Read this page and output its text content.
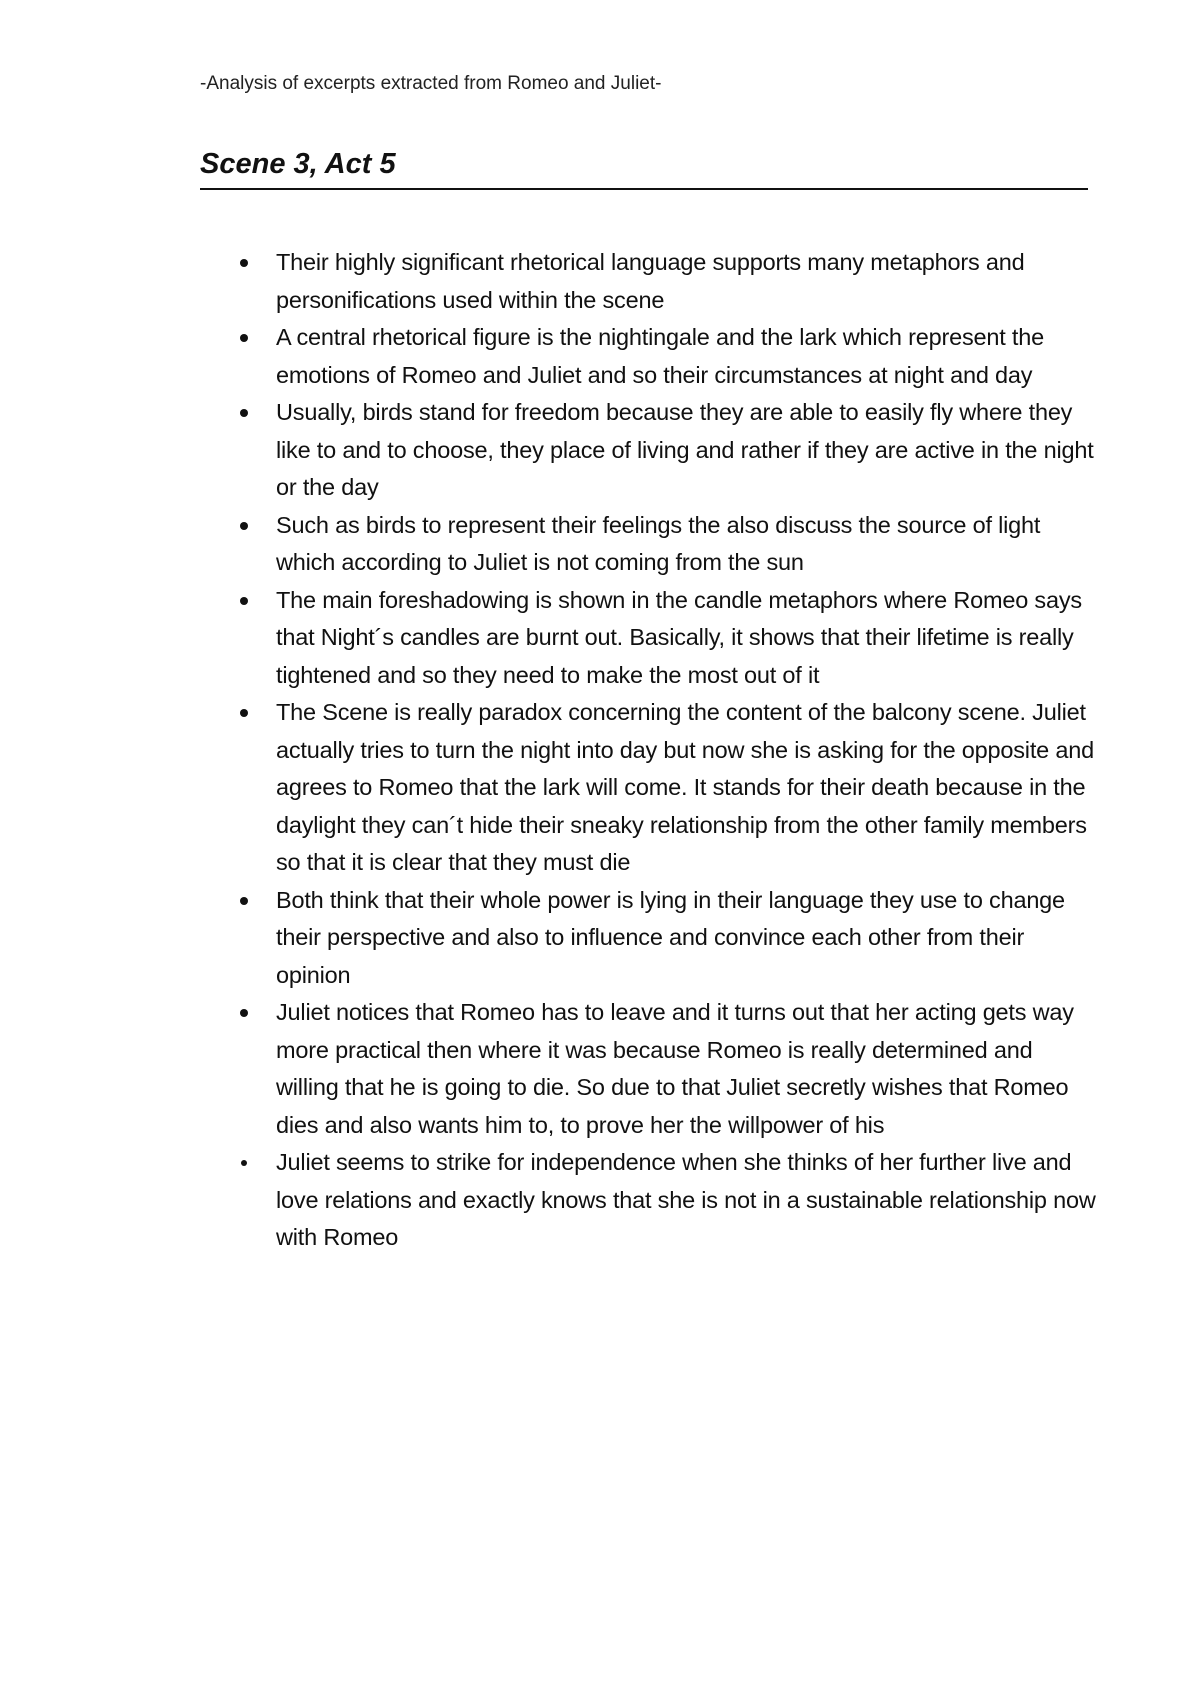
-Analysis of excerpts extracted from Romeo and Juliet-
Scene 3, Act 5
Their highly significant rhetorical language supports many metaphors and personifications used within the scene
A central rhetorical figure is the nightingale and the lark which represent the emotions of Romeo and Juliet and so their circumstances at night and day
Usually, birds stand for freedom because they are able to easily fly where they like to and to choose, they place of living and rather if they are active in the night or the day
Such as birds to represent their feelings the also discuss the source of light which according to Juliet is not coming from the sun
The main foreshadowing is shown in the candle metaphors where Romeo says that Night´s candles are burnt out. Basically, it shows that their lifetime is really tightened and so they need to make the most out of it
The Scene is really paradox concerning the content of the balcony scene. Juliet actually tries to turn the night into day but now she is asking for the opposite and agrees to Romeo that the lark will come. It stands for their death because in the daylight they can´t hide their sneaky relationship from the other family members so that it is clear that they must die
Both think that their whole power is lying in their language they use to change their perspective and also to influence and convince each other from their opinion
Juliet notices that Romeo has to leave and it turns out that her acting gets way more practical then where it was because Romeo is really determined and willing that he is going to die. So due to that Juliet secretly wishes that Romeo dies and also wants him to, to prove her the willpower of his
Juliet seems to strike for independence when she thinks of her further live and love relations and exactly knows that she is not in a sustainable relationship now with Romeo
